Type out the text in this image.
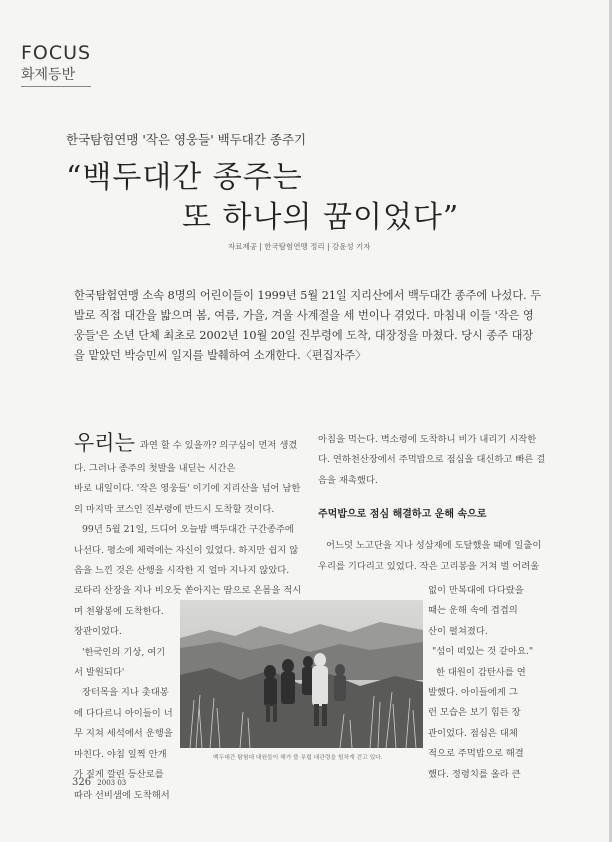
FOCUS
화제등반
한국탐험연맹 '작은 영웅들' 백두대간 종주기
“백두대간 종주는
또 하나의 꿈이었다”
자료제공 | 한국탐험연맹 정리 | 강윤성 기자
한국탐험연맹 소속 8명의 어린이들이 1999년 5월 21일 지리산에서 백두대간 종주에 나섰다. 두
발로 직접 대간을 밟으며 봄, 여름, 가을, 겨울 사계절을 세 번이나 겪었다. 마침내 이들 '작은 영
웅들'은 소년 단체 최초로 2002년 10월 20일 진부령에 도착, 대장정을 마쳤다. 당시 종주 대장
을 맡았던 박승민씨 일지를 발췌하여 소개한다.〈편집자주〉
우리는 과연 할 수 있을까? 의구심이 먼저 생겼
다. 그러나 종주의 첫발을 내딛는 시간은
바로 내일이다. '작은 영웅들' 이기에 지리산을 넘어 남한
의 마지막 코스인 진부령에 반드시 도착할 것이다.
99년 5월 21일, 드디어 오늘밤 백두대간 구간종주에
나선다. 평소에 체력에는 자신이 있었다. 하지만 쉽지 않
음을 느낀 것은 산행을 시작한 지 얼마 지나지 않았다.
로타리 산장을 지나 비오듯 쏟아지는 땀으로 온몸을 적시
며 천왕봉에 도착한다.
장관이었다.
'한국인의 기상, 여기
서 발원되다'
장터목을 지나 촛대봉
에 다다르니 아이들이 너
무 지쳐 세석에서 운행을
마친다. 야침 일찍 안개
가 짙게 깔린 등산로를
따라 선비샘에 도착해서
아침을 먹는다. 벽소령에 도착하니 비가 내리기 시작한
다. 연하천산장에서 주먹밥으로 점심을 대신하고 빠른 걸
음을 재촉했다.
주먹밥으로 점심 해결하고 운해 속으로
어느덧 노고단을 지나 성삼재에 도달했을 때에 일출이
우리를 기다리고 있었다. 작은 고리봉을 거쳐 벌 어려울
없이 만복대에 다다랐을
때는 운해 속에 겹겹의
산이 펼쳐졌다.
"섬이 떠있는 것 같아요."
한 대원이 감탄사를 연
발했다. 아이들에게 그
런 모습은 보기 힘든 장
관이었다. 점심은 대체
적으로 주먹밥으로 해결
했다. 정령치를 올라 큰
백두대간 탐험대 대원들이 해가 뜰 무렵 대관령을 힘차게 걷고 있다.
326 2003 03
